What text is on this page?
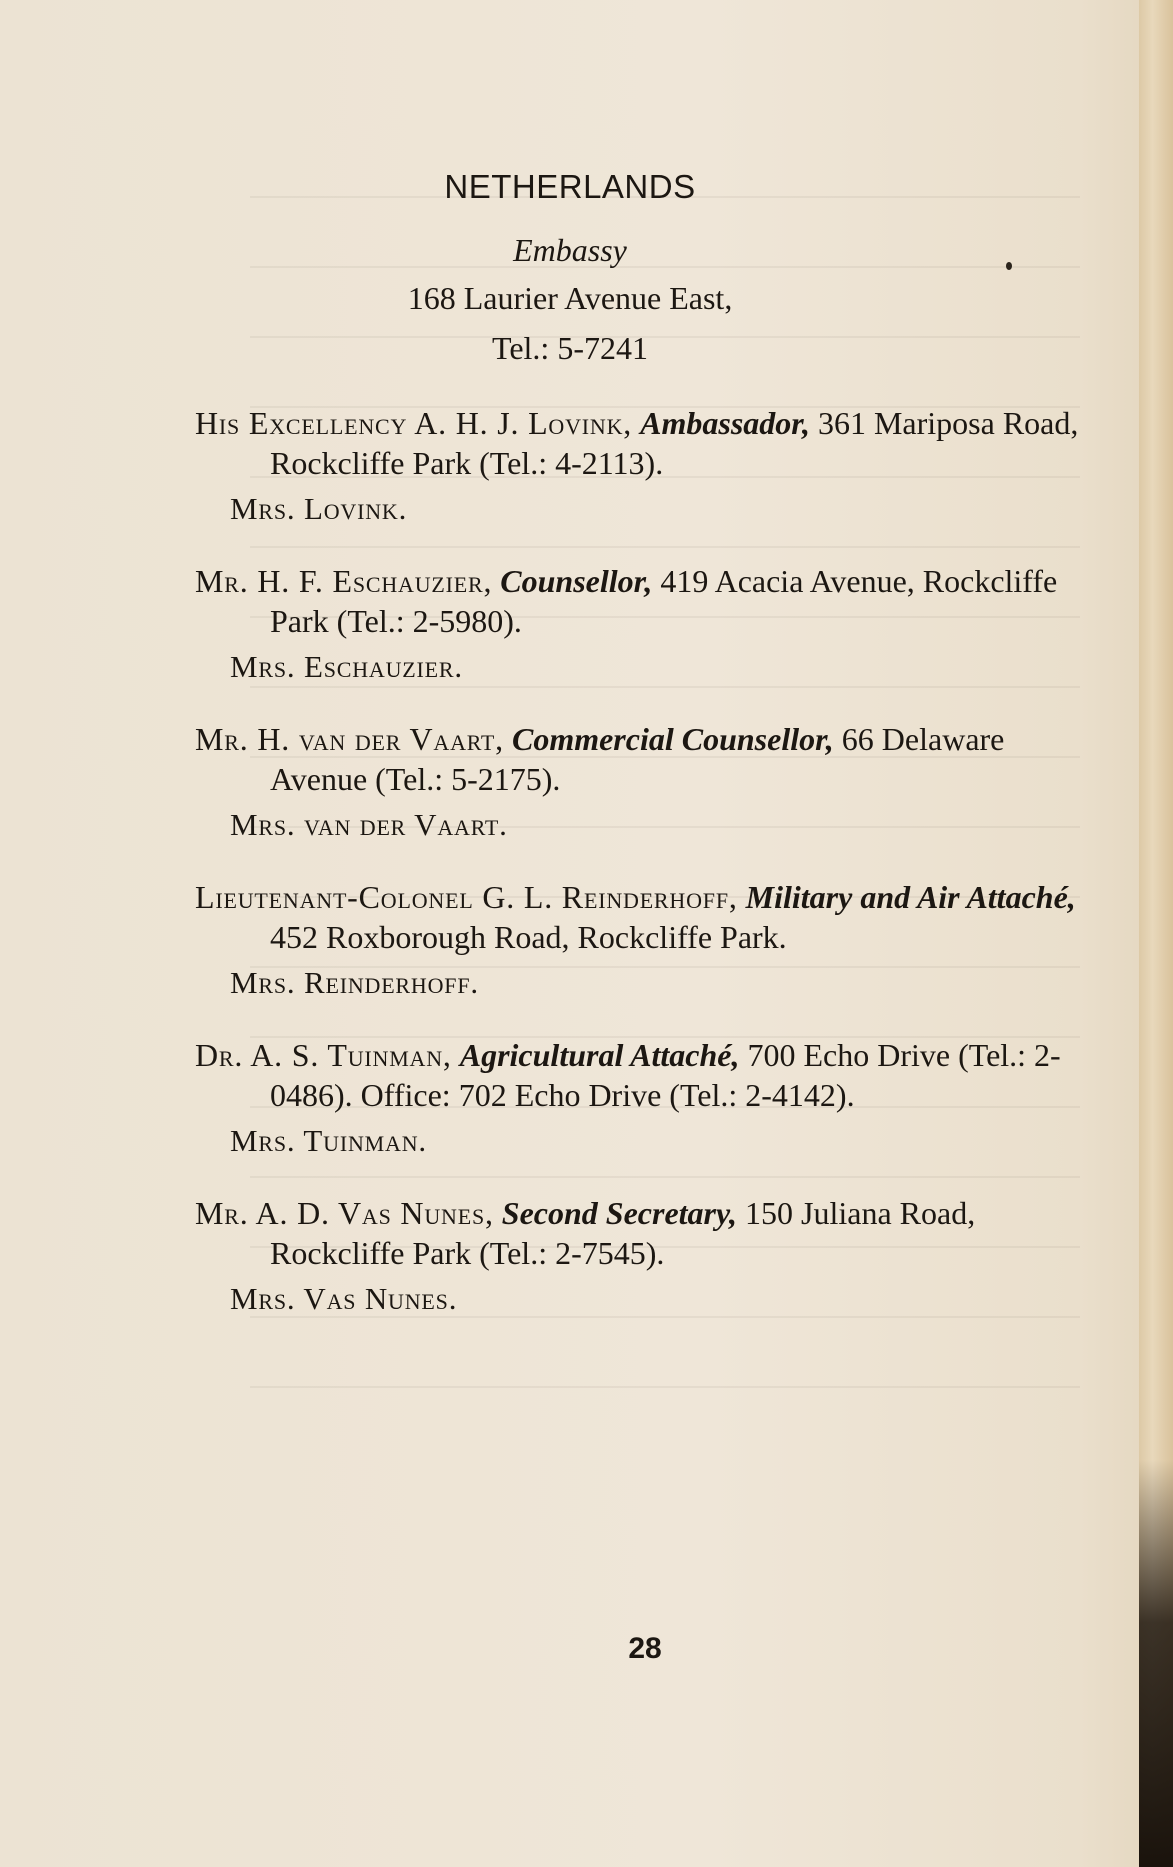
NETHERLANDS
Embassy
168 Laurier Avenue East,
Tel.: 5-7241
His Excellency A. H. J. Lovink, Ambassador, 361 Mariposa Road, Rockcliffe Park (Tel.: 4-2113).
Mrs. Lovink.
Mr. H. F. Eschauzier, Counsellor, 419 Acacia Avenue, Rockcliffe Park (Tel.: 2-5980).
Mrs. Eschauzier.
Mr. H. van der Vaart, Commercial Counsellor, 66 Delaware Avenue (Tel.: 5-2175).
Mrs. van der Vaart.
Lieutenant-Colonel G. L. Reinderhoff, Military and Air Attaché, 452 Roxborough Road, Rockcliffe Park.
Mrs. Reinderhoff.
Dr. A. S. Tuinman, Agricultural Attaché, 700 Echo Drive (Tel.: 2-0486). Office: 702 Echo Drive (Tel.: 2-4142).
Mrs. Tuinman.
Mr. A. D. Vas Nunes, Second Secretary, 150 Juliana Road, Rockcliffe Park (Tel.: 2-7545).
Mrs. Vas Nunes.
28
